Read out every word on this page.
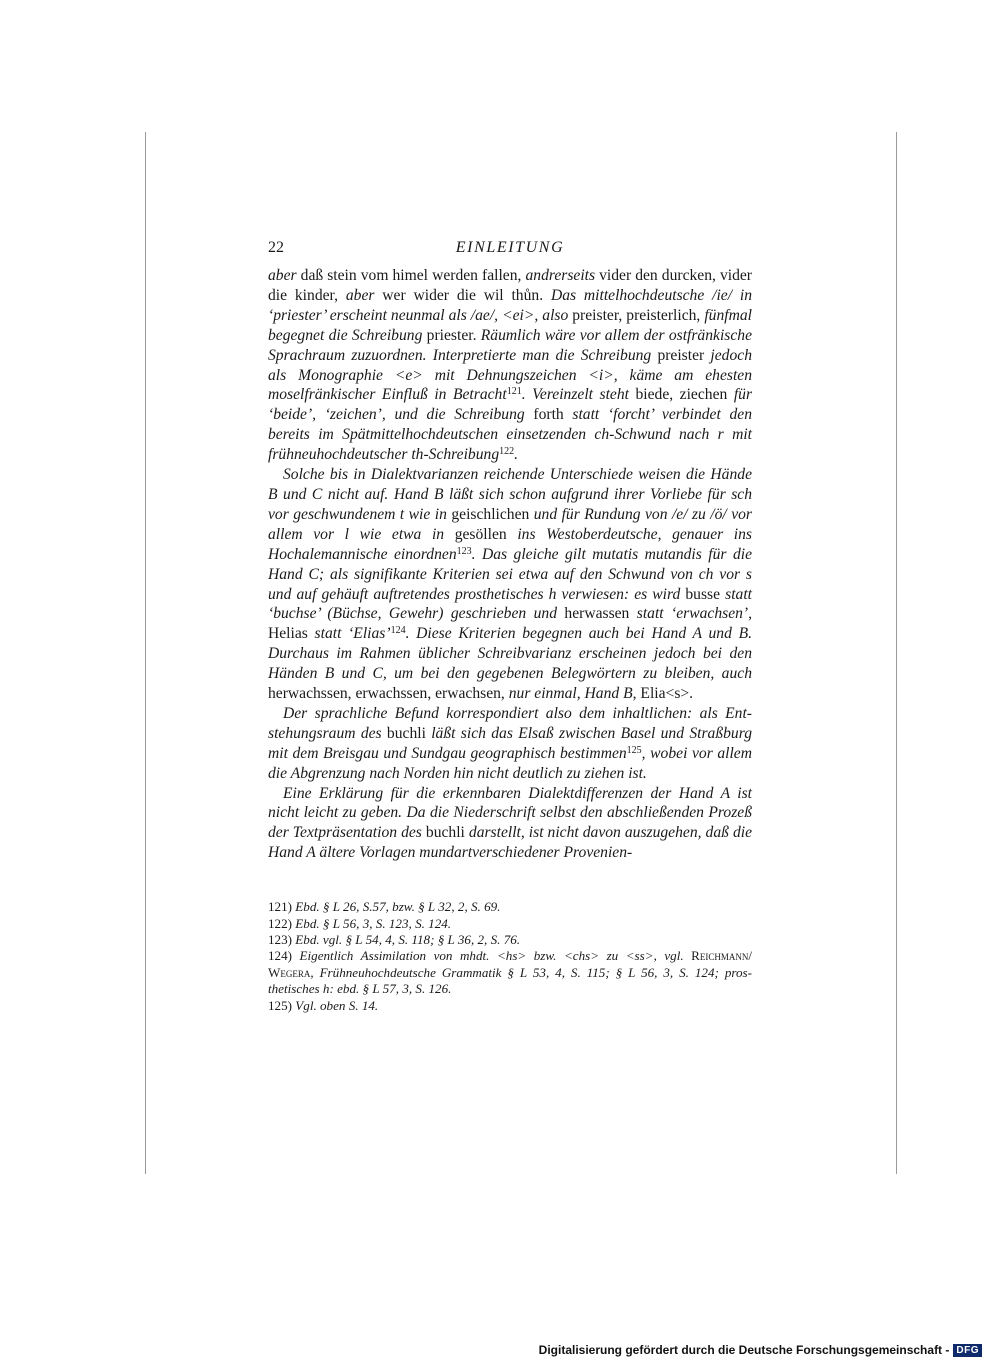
22	EINLEITUNG

aber daß stein vom himel werden fallen, andrerseits vider den durcken, vider die kinder, aber wer wider die wil thůn. Das mittelhochdeutsche /ie/ in ‘priester’ erscheint neunmal als /ae/, <ei>, also preister, preisterlich, fünfmal begegnet die Schreibung priester. Räumlich wäre vor allem der ostfränkische Sprachraum zuzuordnen. Interpretierte man die Schreibung preister jedoch als Monographie <e> mit Dehnungszeichen <i>, käme am ehesten moselfränkischer Einfluß in Betracht$^{121}$. Vereinzelt steht biede, ziechen für ‘beide’, ‘zeichen’, und die Schreibung forth statt ‘forcht’ verbindet den bereits im Spätmittelhochdeutschen einsetzenden ch-Schwund nach r mit frühneuhochdeutscher th-Schreibung$^{122}$.

Solche bis in Dialektvarianzen reichende Unterschiede weisen die Hände B und C nicht auf. Hand B läßt sich schon aufgrund ihrer Vorliebe für sch vor geschwundenem t wie in geischlichen und für Rundung von /e/ zu /ö/ vor allem vor l wie etwa in gesöllen ins Westoberdeutsche, genauer ins Hochalemannische einordnen$^{123}$. Das gleiche gilt mutatis mutandis für die Hand C; als signifikante Kriterien sei etwa auf den Schwund von ch vor s und auf gehäuft auftretendes prosthetisches h verwiesen: es wird busse statt ‘buchse’ (Büchse, Gewehr) geschrieben und herwassen statt ‘erwachsen’, Helias statt ‘Elias’$^{124}$. Diese Kriterien begegnen auch bei Hand A und B. Durchaus im Rahmen üblicher Schreibvarianz erscheinen jedoch bei den Händen B und C, um bei den gegebenen Belegwörtern zu bleiben, auch herwachssen, erwachssen, erwachsen, nur einmal, Hand B, Elia<s>.

Der sprachliche Befund korrespondiert also dem inhaltlichen: als Entstehungsraum des buchli läßt sich das Elsaß zwischen Basel und Straßburg mit dem Breisgau und Sundgau geographisch bestimmen$^{125}$, wobei vor allem die Abgrenzung nach Norden hin nicht deutlich zu ziehen ist.

Eine Erklärung für die erkennbaren Dialektdifferenzen der Hand A ist nicht leicht zu geben. Da die Niederschrift selbst den abschließenden Prozeß der Textpräsentation des buchli darstellt, ist nicht davon auszugehen, daß die Hand A ältere Vorlagen mundartverschiedener Provenien-

121) Ebd. § L 26, S.57, bzw. § L 32, 2, S. 69.
122) Ebd. § L 56, 3, S. 123, S. 124.
123) Ebd. vgl. § L 54, 4, S. 118; § L 36, 2, S. 76.
124) Eigentlich Assimilation von mhdt. <hs> bzw. <chs> zu <ss>, vgl. Reichmann/ Wegera, Frühneuhochdeutsche Grammatik § L 53, 4, S. 115; § L 56, 3, S. 124; prosthetisches h: ebd. § L 57, 3, S. 126.
125) Vgl. oben S. 14.
Digitalisierung gefördert durch die Deutsche Forschungsgemeinschaft - DFG
